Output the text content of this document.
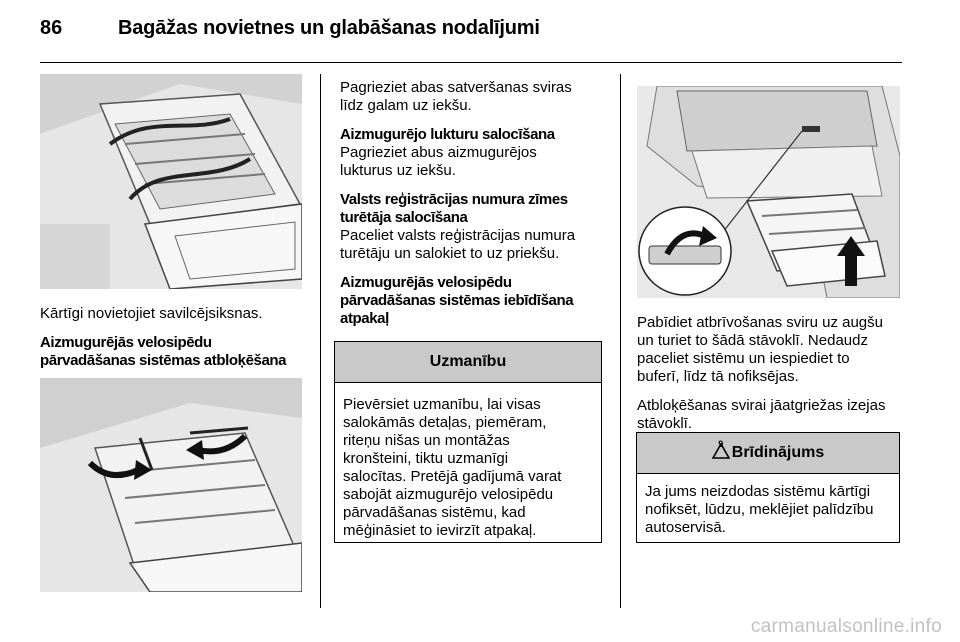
86	Bagāžas novietnes un glabāšanas nodalījumi

Kārtīgi novietojiet savilcējsiksnas.

Aizmugurējās velosipēdu
pārvadāšanas sistēmas atbloķēšana

Pagrieziet abas satveršanas sviras
līdz galam uz iekšu.

Aizmugurējo lukturu salocīšana

Pagrieziet abus aizmugurējos
lukturus uz iekšu.

Valsts reģistrācijas numura zīmes
turētāja salocīšana

Paceliet valsts reģistrācijas numura
turētāju un salokiet to uz priekšu.

Aizmugurējās velosipēdu
pārvadāšanas sistēmas iebīdīšana
atpakaļ
Uzmanību
Pievērsiet uzmanību, lai visas
salokāmās detaļas, piemēram,
riteņu nišas un montāžas
kronšteini, tiktu uzmanīgi
salocītas. Pretējā gadījumā varat
sabojāt aizmugurējo velosipēdu
pārvadāšanas sistēmu, kad
mēģināsiet to ievirzīt atpakaļ.

Pabīdiet atbrīvošanas sviru uz augšu
un turiet to šādā stāvoklī. Nedaudz
paceliet sistēmu un iespiediet to
buferī, līdz tā nofiksējas.

Atbloķēšanas svirai jāatgriežas izejas
stāvoklī.

9 Brīdinājums
Ja jums neizdodas sistēmu kārtīgi
nofiksēt, lūdzu, meklējiet palīdzību
autoservisā.
carmanualsonline.info
